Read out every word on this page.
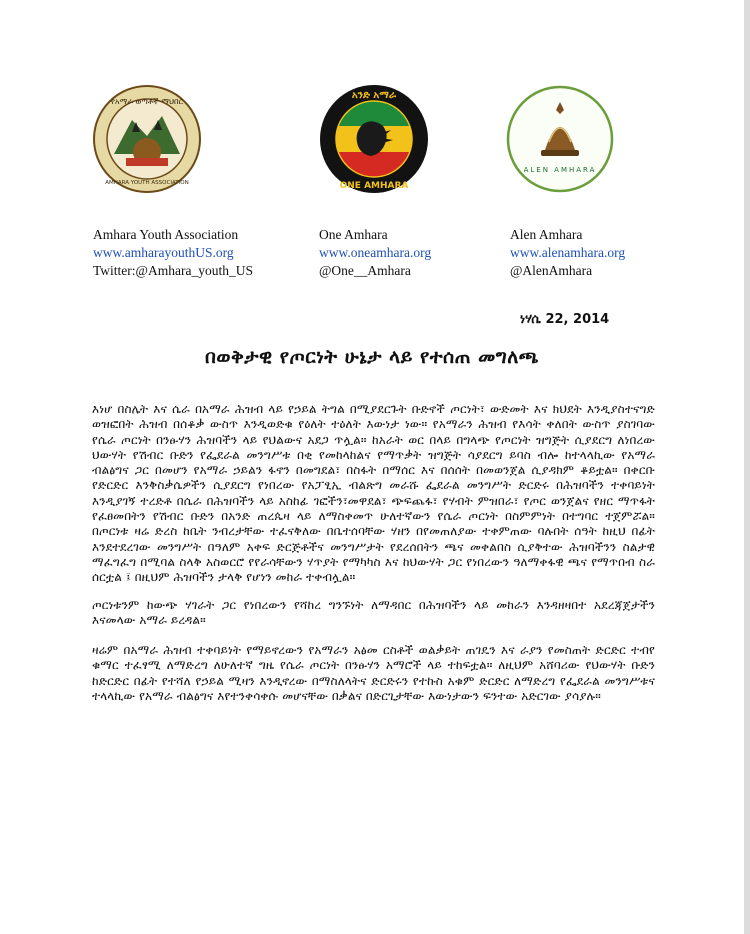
የአማራ ወጣቶች ማህበር
AMHARA YOUTH ASSOCIATION
አንድ አማራ
ONE AMHARA
ALEN AMHARA
Amhara Youth Association
www.amharayouthUS.org
Twitter:@Amhara_youth_US
One Amhara
www.oneamhara.org
@One__Amhara
Alen Amhara
www.alenamhara.org
@AlenAmhara
ነሃሴ 22, 2014
በወቅታዊ የጦርነት ሁኔታ ላይ የተሰጠ መግለጫ

እነሆ በስሌት እና ሴራ በአማራ ሕዝብ ላይ የኃይል ትግል በሚያደርጉት ቡድኖች ጦርነት፣ ውድመት እና ክህደት እንዲያስተናግድ ወዝፎበት ሕዝብ በሰቆቃ ውስጥ እንዲወድቁ የዕለት ተዕለት እውነታ ነው። የአማራን ሕዝብ የእሳት ቀለበት ውስጥ ያስገባው የሴራ ጦርነት በንፁሃን ሕዝባችን ላይ የህልውና አደጋ ጥሏል። ከአራት ወር በላይ በግላጭ የጦርነት ዝግጅት ሲያደርግ ለነበረው ህውሃት የሽብር ቡድን የፌደራል መንግሥቱ በቂ የመከላከልና የማጥቃት ዝግጅት ሳያደርግ ይባስ ብሎ ከተላላኪው የአማራ ብልፅግና ጋር በመሆን የአማራ ኃይልን ፋኖን በመግደል፣ በስፋት በማሰር እና በሰሰት በመወንጀል ሲያዳክም ቆይቷል። በቀርቡ የድርድር እንቅስቃሴዎችን ሲያደርግ የነበረው የአፓፂኢ ብልጽግ መራሹ ፌደራል መንግሥት ድርድሩ በሕዝባችን ተቀባይነት እንዲያገኝ ተረድቶ በሴራ በሕዝባችን ላይ አስከፊ ገፎችን፣መዋደል፣ ጭፍጨፋ፣ የሃብት ምዝበራ፣ የጦር ወንጀልና የዘር ማጥፋት የፈፀመበትን የሽብር ቡድን በአንድ ጠረጴዛ ላይ ለማስቀመጥ ሁለተኛውን የሴራ ጦርነት በስምምነት በተግባር ተጀምሯል። በጦርነቱ ዛሬ ድረስ ከቤት ንብረታቸው ተፈናቅለው በቤተሰባቸው ሃዘን በየመጠለያው ተቀምጠው ባሉበት ሰዓት ከዚህ በፊት እንደተደረገው መንግሥት በዓለም አቀፍ ድርጅቶችና መንግሥታት የደረሰበትን ጫና መቀልበስ ሲያቅተው ሕዝባችንን ስልታዊ ማፈግፈግ በሚባል ስላቅ አስወርሮ የየራሳቸውን ሃጥያት የማካካስ እና ከህውሃት ጋር የነበረውን ዓለማቀፋዊ ጫና የማጥበብ ስራ ሰርቷል ፤ በዚህም ሕዝባችን ታላቅ የሆነን መከራ ተቀብሏል።

ጦርነቱንም ከውጭ ሃገራት ጋር የነበረውን የሻከረ ግንኙነት ለማዳበር በሕዝባችን ላይ መከራን እንዳዘዛበተ አደረጃጀታችን እናመላው አማራ ይረዳል።

ዛሬም በአማራ ሕዝብ ተቀባይነት የማይኖረውን የአማራን አፅመ ርስቶች ወልቃይት ጠገዴን እና ራያን የመስጠት ድርድር ተብየ ቁማር ተፈፃሚ ለማድረግ ለሁለተኛ ግዜ የሴራ ጦርነት በንፁሃን አማሮች ላይ ተከፍቷል። ለዚህም አሸባሪው የህውሃት ቡድን ከድርድር በፊት የተሻለ የኃይል ሚዛን እንዲኖረው በማስለላትና ድርድሩን የተኩስ አቁም ድርድር ለማድረግ የፌደራል መንግሥቱና ተላላኪው የአማራ ብልፅግና እየተንቀሳቀሱ መሆናቸው በቃልና በድርጊታቸው እውነታውን ፍንተው አድርገው ያሳያሉ።
